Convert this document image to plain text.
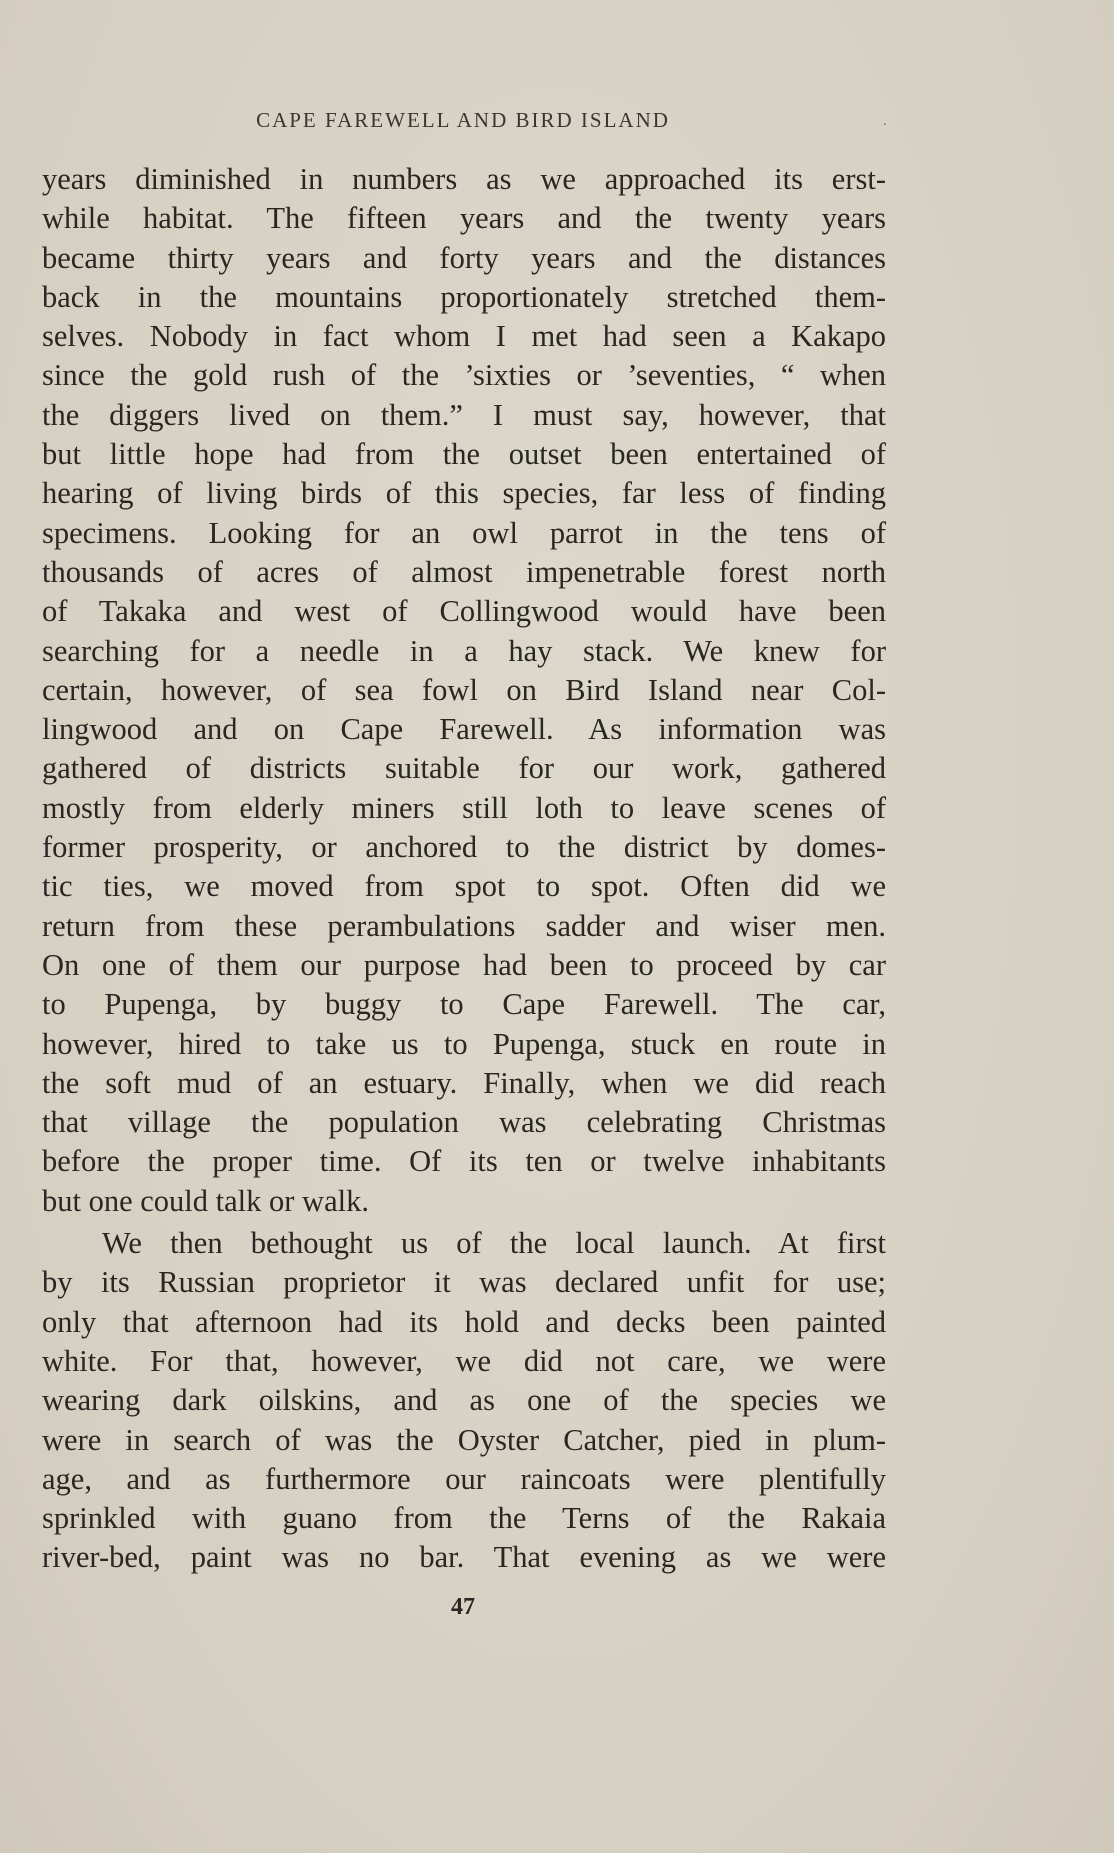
CAPE FAREWELL AND BIRD ISLAND	.
years diminished in numbers as we approached its erst-
while habitat. The fifteen years and the twenty years
became thirty years and forty years and the distances
back in the mountains proportionately stretched them-
selves. Nobody in fact whom I met had seen a Kakapo
since the gold rush of the ’sixties or ’seventies, “ when
the diggers lived on them.” I must say, however, that
but little hope had from the outset been entertained of
hearing of living birds of this species, far less of finding
specimens. Looking for an owl parrot in the tens of
thousands of acres of almost impenetrable forest north
of Takaka and west of Collingwood would have been
searching for a needle in a hay stack. We knew for
certain, however, of sea fowl on Bird Island near Col-
lingwood and on Cape Farewell. As information was
gathered of districts suitable for our work, gathered
mostly from elderly miners still loth to leave scenes of
former prosperity, or anchored to the district by domes-
tic ties, we moved from spot to spot. Often did we
return from these perambulations sadder and wiser men.
On one of them our purpose had been to proceed by car
to Pupenga, by buggy to Cape Farewell. The car,
however, hired to take us to Pupenga, stuck en route in
the soft mud of an estuary. Finally, when we did reach
that village the population was celebrating Christmas
before the proper time. Of its ten or twelve inhabitants
but one could talk or walk.
We then bethought us of the local launch. At first
by its Russian proprietor it was declared unfit for use;
only that afternoon had its hold and decks been painted
white. For that, however, we did not care, we were
wearing dark oilskins, and as one of the species we
were in search of was the Oyster Catcher, pied in plum-
age, and as furthermore our raincoats were plentifully
sprinkled with guano from the Terns of the Rakaia
river-bed, paint was no bar. That evening as we were
47
